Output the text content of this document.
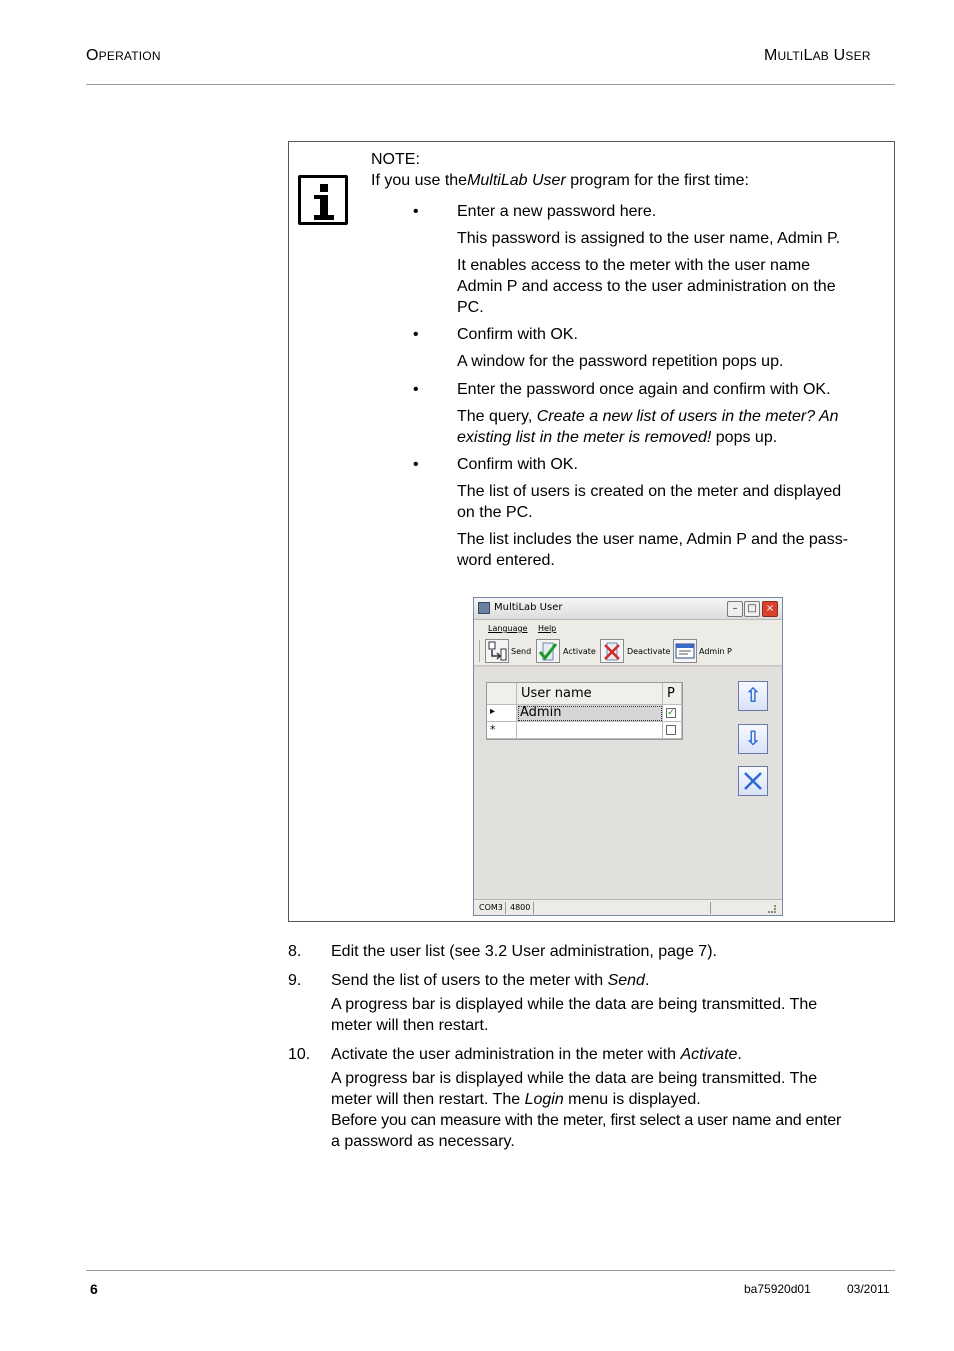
OPERATION	MULTILAB USER
NOTE:
If you use theMultiLab User program for the first time:
• Enter a new password here.
This password is assigned to the user name, Admin P.
It enables access to the meter with the user name
Admin P and access to the user administration on the
PC.
• Confirm with OK.
A window for the password repetition pops up.
• Enter the password once again and confirm with OK.
The query, Create a new list of users in the meter? An
existing list in the meter is removed! pops up.
• Confirm with OK.
The list of users is created on the meter and displayed
on the PC.
The list includes the user name, Admin P and the pass-
word entered.
MultiLab User	– □ ×
Language Help
Send	Activate	Deactivate	Admin P
User name	P
▸	Admin	✓
*
⇧
⇩
COM3 4800
8. Edit the user list (see 3.2 User administration, page 7).
9. Send the list of users to the meter with Send.
A progress bar is displayed while the data are being transmitted. The
meter will then restart.
10. Activate the user administration in the meter with Activate.
A progress bar is displayed while the data are being transmitted. The
meter will then restart. The Login menu is displayed.
Before you can measure with the meter, first select a user name and enter
a password as necessary.
6	ba75920d01	03/2011
